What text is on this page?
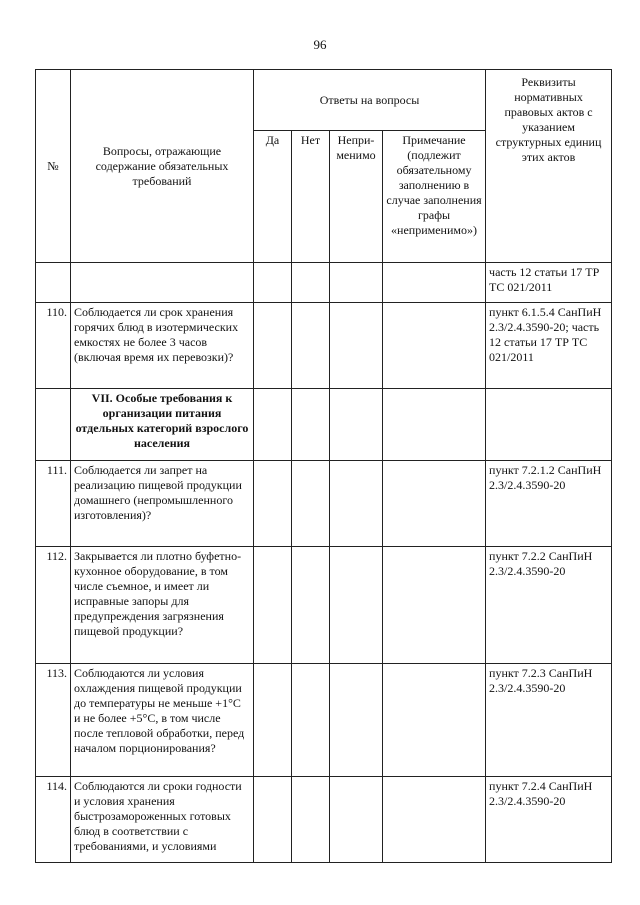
96
№	Вопросы, отражающие содержание обязательных требований	Ответы на вопросы				Реквизиты нормативных правовых актов с указанием структурных единиц этих актов
		Да	Нет	Непри-менимо	Примечание (подлежит обязательному заполнению в случае заполнения графы «неприменимо»)	
						часть 12 статьи 17 ТР ТС 021/2011
110.	Соблюдается ли срок хранения горячих блюд в изотермических емкостях не более 3 часов (включая время их перевозки)?					пункт 6.1.5.4 СанПиН 2.3/2.4.3590-20; часть 12 статьи 17 ТР ТС 021/2011
	VII. Особые требования к организации питания отдельных категорий взрослого населения					
111.	Соблюдается ли запрет на реализацию пищевой продукции домашнего (непромышленного изготовления)?					пункт 7.2.1.2 СанПиН 2.3/2.4.3590-20
112.	Закрывается ли плотно буфетно-кухонное оборудование, в том числе съемное, и имеет ли исправные запоры для предупреждения загрязнения пищевой продукции?					пункт 7.2.2 СанПиН 2.3/2.4.3590-20
113.	Соблюдаются ли условия охлаждения пищевой продукции до температуры не меньше +1°С и не более +5°С, в том числе после тепловой обработки, перед началом порционирования?					пункт 7.2.3 СанПиН 2.3/2.4.3590-20
114.	Соблюдаются ли сроки годности и условия хранения быстрозамороженных готовых блюд в соответствии с требованиями, и условиями					пункт 7.2.4 СанПиН 2.3/2.4.3590-20
